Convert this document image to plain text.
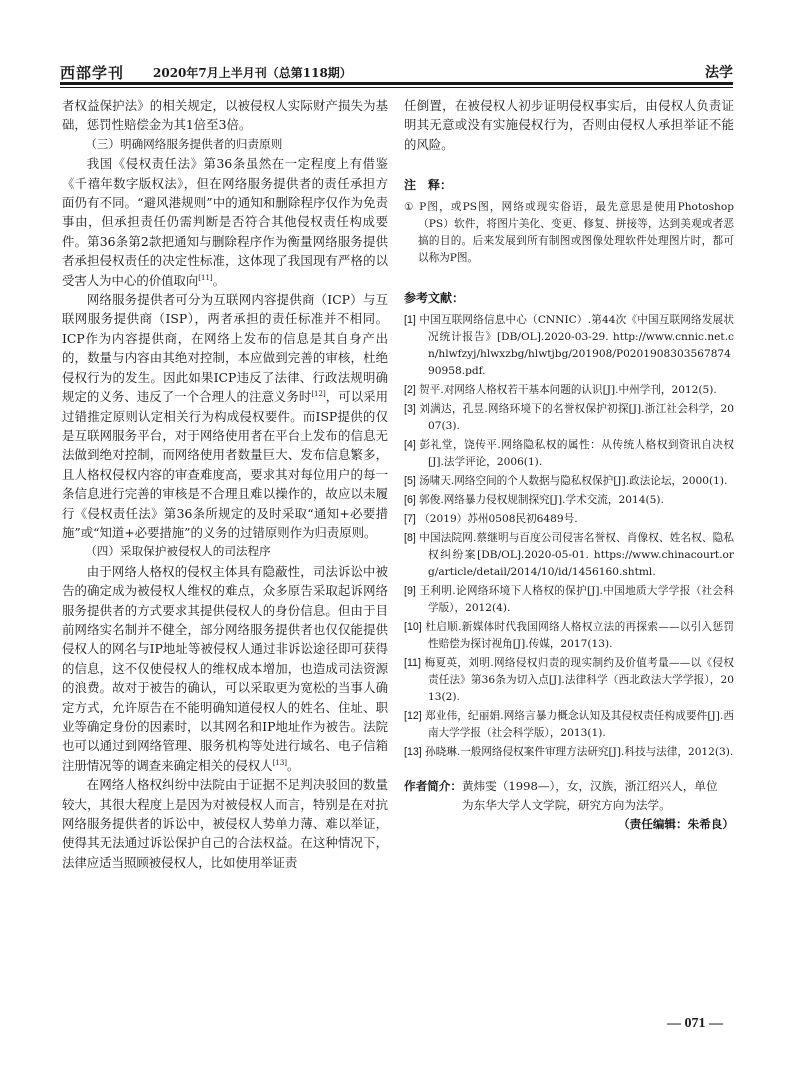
西部学刊 2020年7月上半月刊（总第118期）	法学

者权益保护法》的相关规定，以被侵权人实际财产损失为基础，惩罚性赔偿金为其1倍至3倍。

（三）明确网络服务提供者的归责原则

我国《侵权责任法》第36条虽然在一定程度上有借鉴《千禧年数字版权法》，但在网络服务提供者的责任承担方面仍有不同。“避风港规则”中的通知和删除程序仅作为免责事由，但承担责任仍需判断是否符合其他侵权责任构成要件。第36条第2款把通知与删除程序作为衡量网络服务提供者承担侵权责任的决定性标准，这体现了我国现有严格的以受害人为中心的价值取向[11]。

网络服务提供者可分为互联网内容提供商（ICP）与互联网服务提供商（ISP），两者承担的责任标准并不相同。ICP作为内容提供商，在网络上发布的信息是其自身产出的，数量与内容由其绝对控制，本应做到完善的审核，杜绝侵权行为的发生。因此如果ICP违反了法律、行政法规明确规定的义务、违反了一个合理人的注意义务时[12]，可以采用过错推定原则认定相关行为构成侵权要件。而ISP提供的仅是互联网服务平台，对于网络使用者在平台上发布的信息无法做到绝对控制，而网络使用者数量巨大、发布信息繁多，且人格权侵权内容的审查难度高，要求其对每位用户的每一条信息进行完善的审核是不合理且难以操作的，故应以未履行《侵权责任法》第36条所规定的及时采取“通知+必要措施”或“知道+必要措施”的义务的过错原则作为归责原则。

（四）采取保护被侵权人的司法程序

由于网络人格权的侵权主体具有隐蔽性，司法诉讼中被告的确定成为被侵权人维权的难点，众多原告采取起诉网络服务提供者的方式要求其提供侵权人的身份信息。但由于目前网络实名制并不健全，部分网络服务提供者也仅仅能提供侵权人的网名与IP地址等被侵权人通过非诉讼途径即可获得的信息，这不仅使侵权人的维权成本增加，也造成司法资源的浪费。故对于被告的确认，可以采取更为宽松的当事人确定方式，允许原告在不能明确知道侵权人的姓名、住址、职业等确定身份的因素时，以其网名和IP地址作为被告。法院也可以通过到网络管理、服务机构等处进行域名、电子信箱注册情况等的调查来确定相关的侵权人[13]。

在网络人格权纠纷中法院由于证据不足判决驳回的数量较大，其很大程度上是因为对被侵权人而言，特别是在对抗网络服务提供者的诉讼中，被侵权人势单力薄、难以举证，使得其无法通过诉讼保护自己的合法权益。在这种情况下，法律应适当照顾被侵权人，比如使用举证责

任倒置，在被侵权人初步证明侵权事实后，由侵权人负责证明其无意或没有实施侵权行为，否则由侵权人承担举证不能的风险。

注　释：

① P图，或PS图，网络或现实俗语，最先意思是使用Photoshop（PS）软件，将图片美化、变更、修复、拼接等，达到美观或者恶搞的目的。后来发展到所有制图或图像处理软件处理图片时，都可以称为P图。

参考文献：

[1] 中国互联网络信息中心（CNNIC）.第44次《中国互联网络发展状况统计报告》[DB/OL].2020-03-29. http://www.cnnic.net.cn/hlwfzyj/hlwxzbg/hlwtjbg/201908/P020190830356787490958.pdf.

[2] 贺平.对网络人格权若干基本问题的认识[J].中州学刊，2012(5).

[3] 刘满达，孔昱.网络环境下的名誉权保护初探[J].浙江社会科学，2007(3).

[4] 彭礼堂，饶传平.网络隐私权的属性：从传统人格权到资讯自决权[J].法学评论，2006(1).

[5] 汤啸天.网络空间的个人数据与隐私权保护[J].政法论坛，2000(1).

[6] 郭俊.网络暴力侵权规制探究[J].学术交流，2014(5).

[7] （2019）苏州0508民初6489号.

[8] 中国法院网.蔡继明与百度公司侵害名誉权、肖像权、姓名权、隐私权纠纷案[DB/OL].2020-05-01. https://www.chinacourt.org/article/detail/2014/10/id/1456160.shtml.

[9] 王利明.论网络环境下人格权的保护[J].中国地质大学学报（社会科学版），2012(4).

[10] 杜启顺.新媒体时代我国网络人格权立法的再探索——以引入惩罚性赔偿为探讨视角[J].传媒，2017(13).

[11] 梅夏英，刘明.网络侵权归责的现实制约及价值考量——以《侵权责任法》第36条为切入点[J].法律科学（西北政法大学学报），2013(2).

[12] 郑业伟，纪丽娟.网络言暴力概念认知及其侵权责任构成要件[J].西南大学学报（社会科学版），2013(1).

[13] 孙晓琳.一般网络侵权案件审理方法研究[J].科技与法律，2012(3).

作者简介：黄炜雯（1998—），女，汉族，浙江绍兴人，单位
为东华大学人文学院，研究方向为法学。
（责任编辑：朱希良）
— 071 —
